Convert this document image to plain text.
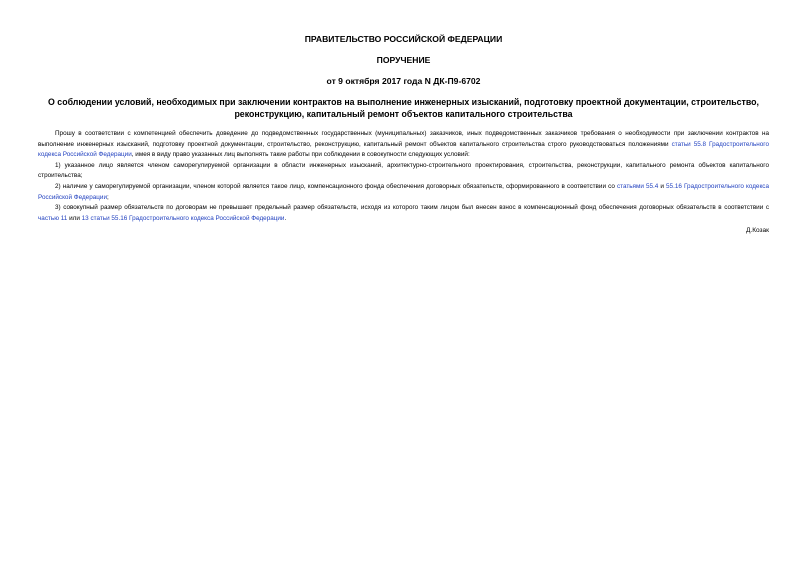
ПРАВИТЕЛЬСТВО РОССИЙСКОЙ ФЕДЕРАЦИИ

ПОРУЧЕНИЕ

от 9 октября 2017 года N ДК-П9-6702

О соблюдении условий, необходимых при заключении контрактов на выполнение инженерных изысканий, подготовку проектной документации, строительство, реконструкцию, капитальный ремонт объектов капитального строительства

Прошу в соответствии с компетенцией обеспечить доведение до подведомственных государственных (муниципальных) заказчиков, иных подведомственных заказчиков требования о необходимости при заключении контрактов на выполнение инженерных изысканий, подготовку проектной документации, строительство, реконструкцию, капитальный ремонт объектов капитального строительства строго руководствоваться положениями статьи 55.8 Градостроительного кодекса Российской Федерации, имея в виду право указанных лиц выполнять такие работы при соблюдении в совокупности следующих условий:

1) указанное лицо является членом саморегулируемой организации в области инженерных изысканий, архитектурно-строительного проектирования, строительства, реконструкции, капитального ремонта объектов капитального строительства;

2) наличие у саморегулируемой организации, членом которой является такое лицо, компенсационного фонда обеспечения договорных обязательств, сформированного в соответствии со статьями 55.4 и 55.16 Градостроительного кодекса Российской Федерации;

3) совокупный размер обязательств по договорам не превышает предельный размер обязательств, исходя из которого таким лицом был внесен взнос в компенсационный фонд обеспечения договорных обязательств в соответствии с частью 11 или 13 статьи 55.16 Градостроительного кодекса Российской Федерации.

Д.Козак
